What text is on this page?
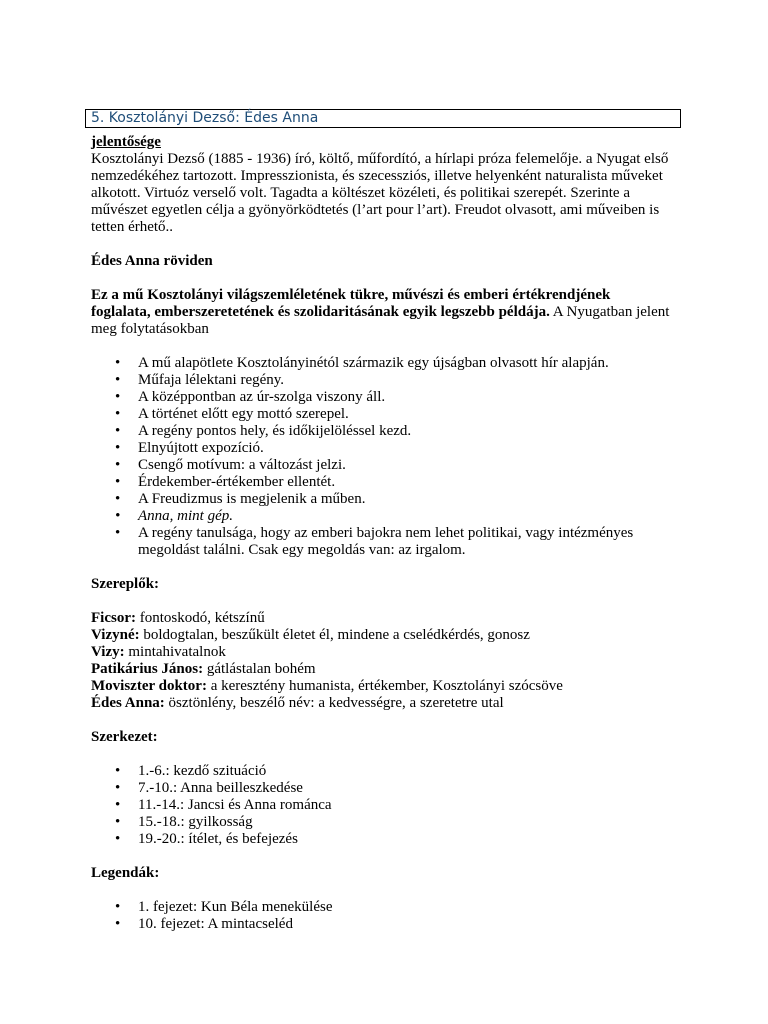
5. Kosztolányi Dezső: Édes Anna

jelentősége

Kosztolányi Dezső (1885 - 1936) író, költő, műfordító, a hírlapi próza felemelője. a Nyugat első nemzedékéhez tartozott. Impresszionista, és szecessziós, illetve helyenként naturalista műveket alkotott. Virtuóz verselő volt. Tagadta a költészet közéleti, és politikai szerepét. Szerinte a művészet egyetlen célja a gyönyörködtetés (l’art pour l’art). Freudot olvasott, ami műveiben is tetten érhető..

Édes Anna röviden

Ez a mű Kosztolányi világszemléletének tükre, művészi és emberi értékrendjének foglalata, emberszeretetének és szolidaritásának egyik legszebb példája. A Nyugatban jelent meg folytatásokban

• A mű alapötlete Kosztolányinétól származik egy újságban olvasott hír alapján.
• Műfaja lélektani regény.
• A középpontban az úr-szolga viszony áll.
• A történet előtt egy mottó szerepel.
• A regény pontos hely, és időkijelöléssel kezd.
• Elnyújtott expozíció.
• Csengő motívum: a változást jelzi.
• Érdekember-értékember ellentét.
• A Freudizmus is megjelenik a műben.
• Anna, mint gép.
• A regény tanulsága, hogy az emberi bajokra nem lehet politikai, vagy intézményes megoldást találni. Csak egy megoldás van: az irgalom.

Szereplők:

Ficsor: fontoskodó, kétszínű

Vizyné: boldogtalan, beszűkült életet él, mindene a cselédkérdés, gonosz

Vizy: mintahivatalnok

Patikárius János: gátlástalan bohém

Moviszter doktor: a keresztény humanista, értékember, Kosztolányi szócsöve

Édes Anna: ösztönlény, beszélő név: a kedvességre, a szeretetre utal

Szerkezet:

• 1.-6.: kezdő szituáció
• 7.-10.: Anna beilleszkedése
• 11.-14.: Jancsi és Anna románca
• 15.-18.: gyilkosság
• 19.-20.: ítélet, és befejezés

Legendák:

• 1. fejezet: Kun Béla menekülése
• 10. fejezet: A mintacseléd
